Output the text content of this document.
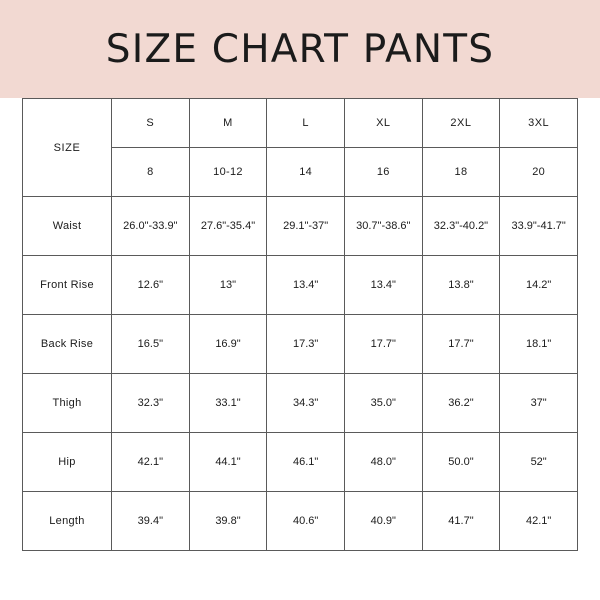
SIZE CHART PANTS
SIZE	S	M	L	XL	2XL	3XL
	8	10-12	14	16	18	20
Waist	26.0"-33.9"	27.6"-35.4"	29.1"-37"	30.7"-38.6"	32.3"-40.2"	33.9"-41.7"
Front Rise	12.6"	13"	13.4"	13.4"	13.8"	14.2"
Back Rise	16.5"	16.9"	17.3"	17.7"	17.7"	18.1"
Thigh	32.3"	33.1"	34.3"	35.0"	36.2"	37"
Hip	42.1"	44.1"	46.1"	48.0"	50.0"	52"
Length	39.4"	39.8"	40.6"	40.9"	41.7"	42.1"
